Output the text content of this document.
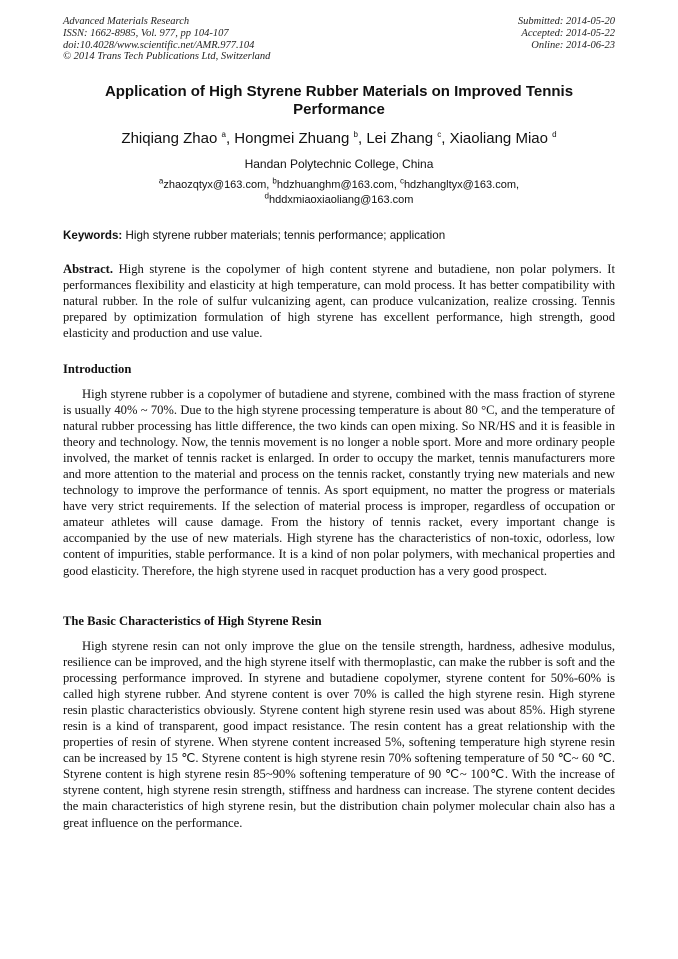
Advanced Materials Research
ISSN: 1662-8985, Vol. 977, pp 104-107
doi:10.4028/www.scientific.net/AMR.977.104
© 2014 Trans Tech Publications Ltd, Switzerland
Submitted: 2014-05-20
Accepted: 2014-05-22
Online: 2014-06-23
Application of High Styrene Rubber Materials on Improved Tennis Performance
Zhiqiang Zhao $^a$, Hongmei Zhuang $^b$, Lei Zhang $^c$, Xiaoliang Miao $^d$
Handan Polytechnic College, China
$^a$zhaozqtyx@163.com, $^b$hdzhuanghm@163.com, $^c$hdzhangltyx@163.com,
$^d$hddxmiaoxiaoliang@163.com
Keywords: High styrene rubber materials; tennis performance; application
Abstract. High styrene is the copolymer of high content styrene and butadiene, non polar polymers. It performances flexibility and elasticity at high temperature, can mold process. It has better compatibility with natural rubber. In the role of sulfur vulcanizing agent, can produce vulcanization, realize crossing. Tennis prepared by optimization formulation of high styrene has excellent performance, high strength, good elasticity and production and use value.
Introduction

High styrene rubber is a copolymer of butadiene and styrene, combined with the mass fraction of styrene is usually 40% ~ 70%. Due to the high styrene processing temperature is about 80 °C, and the temperature of natural rubber processing has little difference, the two kinds can open mixing. So NR/HS and it is feasible in theory and technology. Now, the tennis movement is no longer a noble sport. More and more ordinary people involved, the market of tennis racket is enlarged. In order to occupy the market, tennis manufacturers more and more attention to the material and process on the tennis racket, constantly trying new materials and new technology to improve the performance of tennis. As sport equipment, no matter the progress or materials have very strict requirements. If the selection of material process is improper, regardless of occupation or amateur athletes will cause damage. From the history of tennis racket, every important change is accompanied by the use of new materials. High styrene has the characteristics of non-toxic, odorless, low content of impurities, stable performance. It is a kind of non polar polymers, with mechanical properties and good elasticity. Therefore, the high styrene used in racquet production has a very good prospect.

The Basic Characteristics of High Styrene Resin

High styrene resin can not only improve the glue on the tensile strength, hardness, adhesive modulus, resilience can be improved, and the high styrene itself with thermoplastic, can make the rubber is soft and the processing performance improved. In styrene and butadiene copolymer, styrene content for 50%-60% is called high styrene rubber. And styrene content is over 70% is called the high styrene resin. High styrene resin plastic characteristics obviously. Styrene content high styrene resin used was about 85%. High styrene resin is a kind of transparent, good impact resistance. The resin content has a great relationship with the properties of resin of styrene. When styrene content increased 5%, softening temperature high styrene resin can be increased by 15 ℃. Styrene content is high styrene resin 70% softening temperature of 50 ℃~ 60 ℃. Styrene content is high styrene resin 85~90% softening temperature of 90 ℃~ 100℃. With the increase of styrene content, high styrene resin strength, stiffness and hardness can increase. The styrene content decides the main characteristics of high styrene resin, but the distribution chain polymer molecular chain also has a great influence on the performance.
